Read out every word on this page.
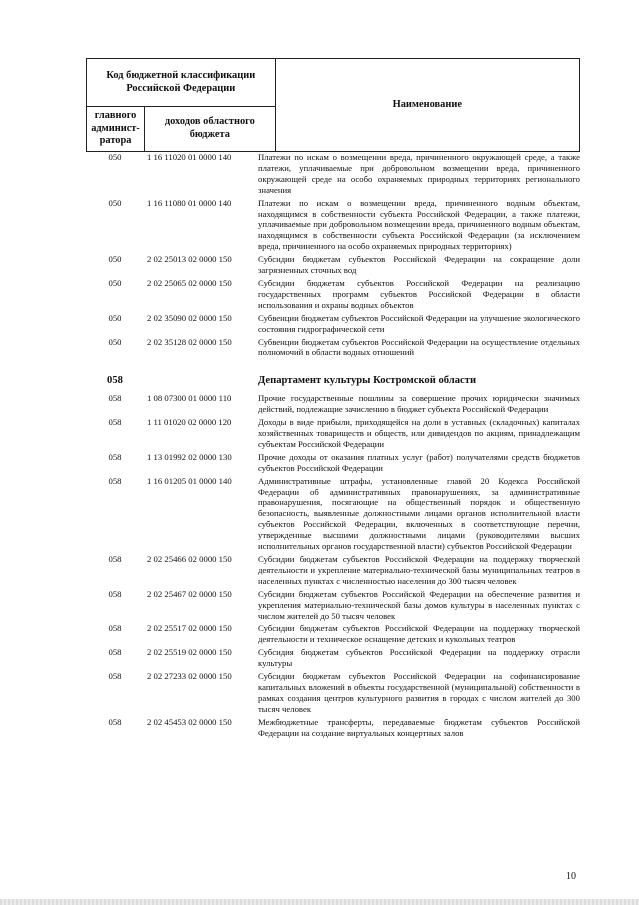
Код бюджетной классификации Российской Федерации		Наименование
главного админист-ратора	доходов областного бюджета	
050	1 16 11020 01 0000 140	Платежи по искам о возмещении вреда, причиненного окружающей среде, а также платежи, уплачиваемые при добровольном возмещении вреда, причиненного окружающей среде на особо охраняемых природных территориях регионального значения
050	1 16 11080 01 0000 140	Платежи по искам о возмещении вреда, причиненного водным объектам, находящимся в собственности субъекта Российской Федерации, а также платежи, уплачиваемые при добровольном возмещении вреда, причиненного водным объектам, находящимся в собственности субъекта Российской Федерации (за исключением вреда, причиненного на особо охраняемых природных территориях)
050	2 02 25013 02 0000 150	Субсидии бюджетам субъектов Российской Федерации на сокращение доли загрязненных сточных вод
050	2 02 25065 02 0000 150	Субсидии бюджетам субъектов Российской Федерации на реализацию государственных программ субъектов Российской Федерации в области использования и охраны водных объектов
050	2 02 35090 02 0000 150	Субвенции бюджетам субъектов Российской Федерации на улучшение экологического состояния гидрографической сети
050	2 02 35128 02 0000 150	Субвенции бюджетам субъектов Российской Федерации на осуществление отдельных полномочий в области водных отношений
058	Департамент культуры Костромской области
058	1 08 07300 01 0000 110	Прочие государственные пошлины за совершение прочих юридически значимых действий, подлежащие зачислению в бюджет субъекта Российской Федерации
058	1 11 01020 02 0000 120	Доходы в виде прибыли, приходящейся на доли в уставных (складочных) капиталах хозяйственных товариществ и обществ, или дивидендов по акциям, принадлежащим субъектам Российской Федерации
058	1 13 01992 02 0000 130	Прочие доходы от оказания платных услуг (работ) получателями средств бюджетов субъектов Российской Федерации
058	1 16 01205 01 0000 140	Административные штрафы, установленные главой 20 Кодекса Российской Федерации об административных правонарушениях, за административные правонарушения, посягающие на общественный порядок и общественную безопасность, выявленные должностными лицами органов исполнительной власти субъектов Российской Федерации, включенных в соответствующие перечни, утвержденные высшими должностными лицами (руководителями высших исполнительных органов государственной власти) субъектов Российской Федерации
058	2 02 25466 02 0000 150	Субсидии бюджетам субъектов Российской Федерации на поддержку творческой деятельности и укрепление материально-технической базы муниципальных театров в населенных пунктах с численностью населения до 300 тысяч человек
058	2 02 25467 02 0000 150	Субсидии бюджетам субъектов Российской Федерации на обеспечение развития и укрепления материально-технической базы домов культуры в населенных пунктах с числом жителей до 50 тысяч человек
058	2 02 25517 02 0000 150	Субсидии бюджетам субъектов Российской Федерации на поддержку творческой деятельности и техническое оснащение детских и кукольных театров
058	2 02 25519 02 0000 150	Субсидия бюджетам субъектов Российской Федерации на поддержку отрасли культуры
058	2 02 27233 02 0000 150	Субсидии бюджетам субъектов Российской Федерации на софинансирование капитальных вложений в объекты государственной (муниципальной) собственности в рамках создания центров культурного развития в городах с числом жителей до 300 тысяч человек
058	2 02 45453 02 0000 150	Межбюджетные трансферты, передаваемые бюджетам субъектов Российской Федерации на создание виртуальных концертных залов
10
